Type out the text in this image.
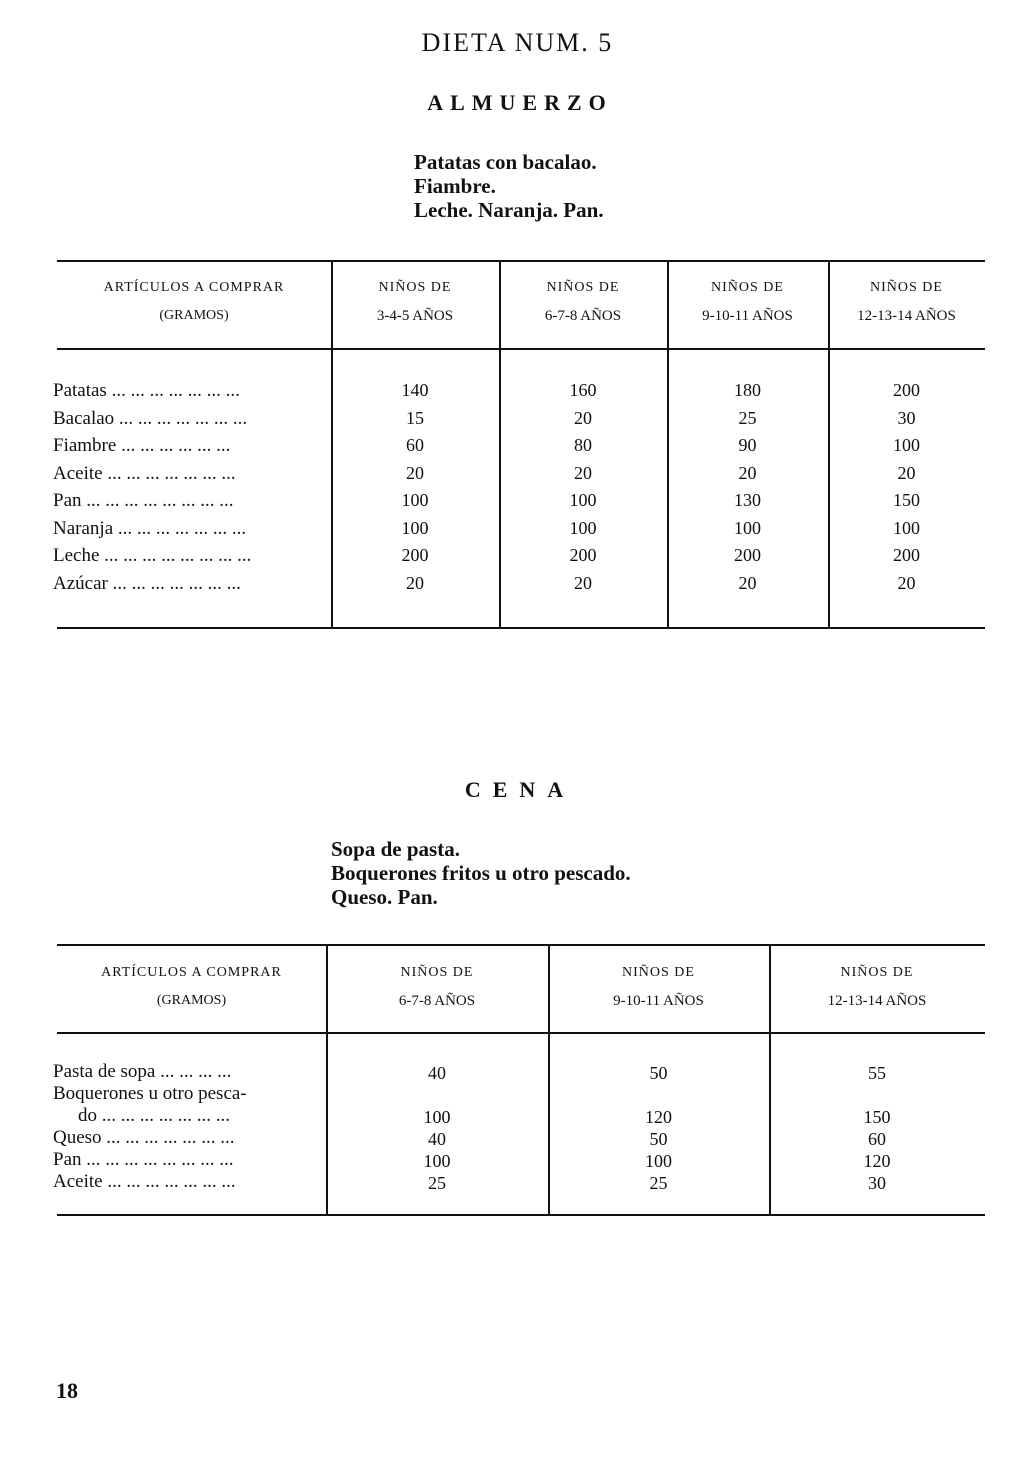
DIETA NUM. 5
ALMUERZO
Patatas con bacalao.
Fiambre.
Leche. Naranja. Pan.
ARTÍCULOS A COMPRAR
(GRAMOS)
NIÑOS DE
3-4-5 AÑOS
NIÑOS DE
6-7-8 AÑOS
NIÑOS DE
9-10-11 AÑOS
NIÑOS DE
12-13-14 AÑOS
Patatas ... ... ... ... ... ... ...	140	160	180	200
Bacalao ... ... ... ... ... ... ...	15	20	25	30
Fiambre ... ... ... ... ... ...	60	80	90	100
Aceite ... ... ... ... ... ... ...	20	20	20	20
Pan ... ... ... ... ... ... ... ...	100	100	130	150
Naranja ... ... ... ... ... ... ...	100	100	100	100
Leche ... ... ... ... ... ... ... ...	200	200	200	200
Azúcar ... ... ... ... ... ... ...	20	20	20	20
CENA
Sopa de pasta.
Boquerones fritos u otro pescado.
Queso. Pan.
ARTÍCULOS A COMPRAR
(GRAMOS)
NIÑOS DE
6-7-8 AÑOS
NIÑOS DE
9-10-11 AÑOS
NIÑOS DE
12-13-14 AÑOS
Pasta de sopa ... ... ... ...	40	50	55
Boquerones u otro pesca-
do ... ... ... ... ... ... ...	100	120	150
Queso ... ... ... ... ... ... ...	40	50	60
Pan ... ... ... ... ... ... ... ...	100	100	120
Aceite ... ... ... ... ... ... ...	25	25	30
18
